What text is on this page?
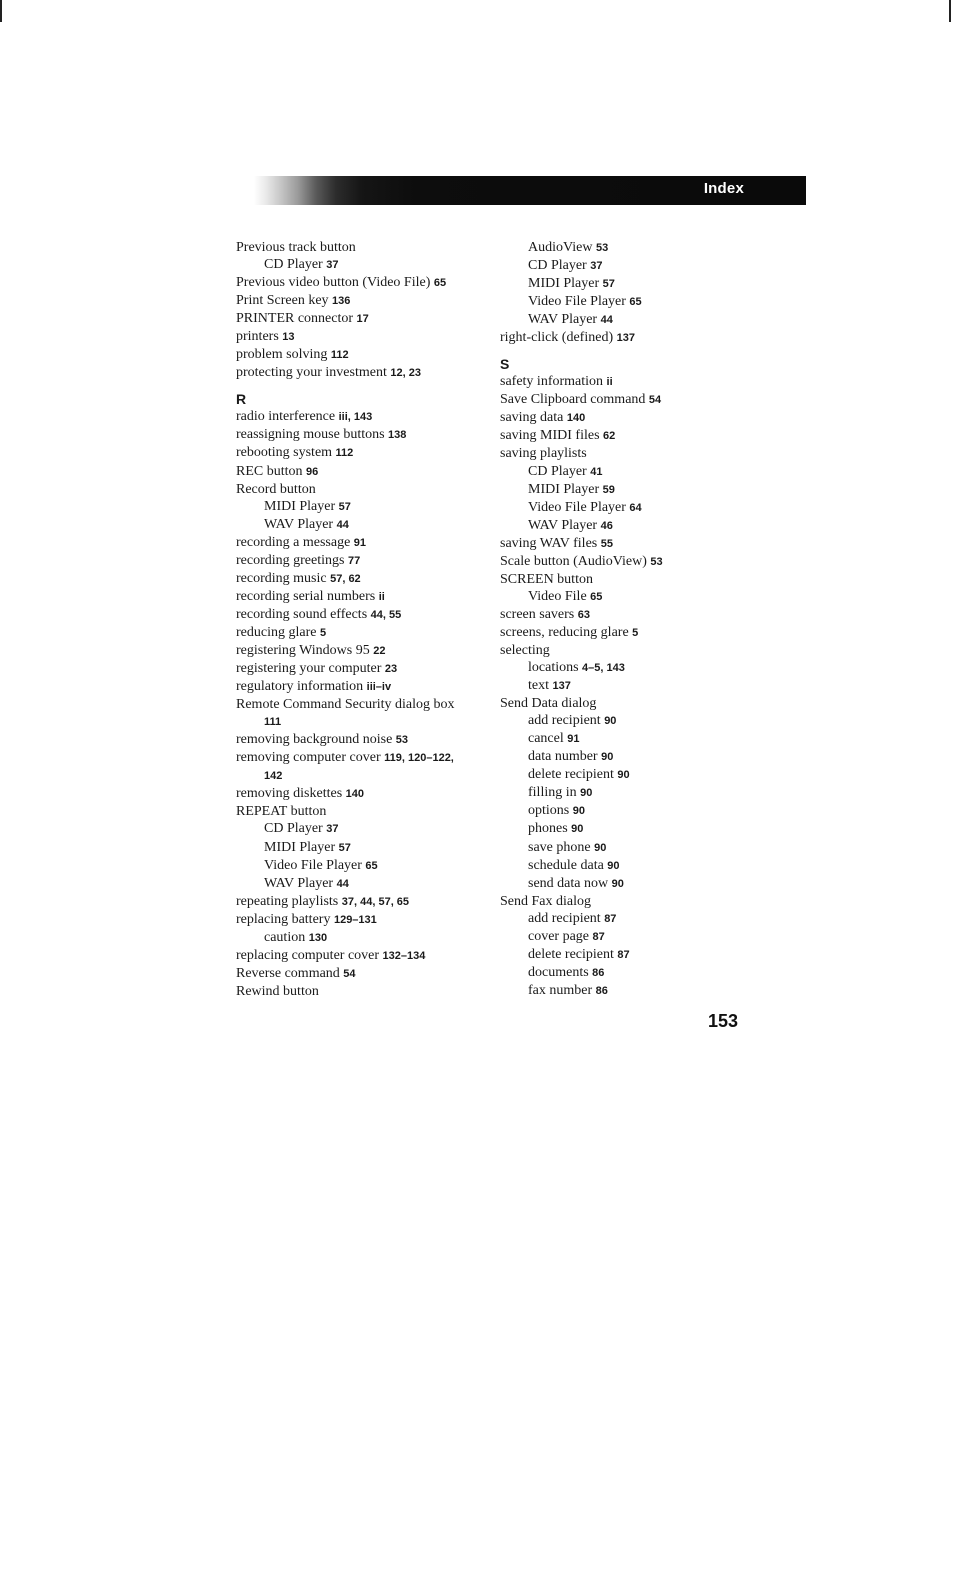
Index
Previous track button
CD Player 37
Previous video button (Video File) 65
Print Screen key 136
PRINTER connector 17
printers 13
problem solving 112
protecting your investment 12, 23
R
radio interference iii, 143
reassigning mouse buttons 138
rebooting system 112
REC button 96
Record button
MIDI Player 57
WAV Player 44
recording a message 91
recording greetings 77
recording music 57, 62
recording serial numbers ii
recording sound effects 44, 55
reducing glare 5
registering Windows 95 22
registering your computer 23
regulatory information iii–iv
Remote Command Security dialog box
111
removing background noise 53
removing computer cover 119, 120–122,
142
removing diskettes 140
REPEAT button
CD Player 37
MIDI Player 57
Video File Player 65
WAV Player 44
repeating playlists 37, 44, 57, 65
replacing battery 129–131
caution 130
replacing computer cover 132–134
Reverse command 54
Rewind button
AudioView 53
CD Player 37
MIDI Player 57
Video File Player 65
WAV Player 44
right-click (defined) 137
S
safety information ii
Save Clipboard command 54
saving data 140
saving MIDI files 62
saving playlists
CD Player 41
MIDI Player 59
Video File Player 64
WAV Player 46
saving WAV files 55
Scale button (AudioView) 53
SCREEN button
Video File 65
screen savers 63
screens, reducing glare 5
selecting
locations 4–5, 143
text 137
Send Data dialog
add recipient 90
cancel 91
data number 90
delete recipient 90
filling in 90
options 90
phones 90
save phone 90
schedule data 90
send data now 90
Send Fax dialog
add recipient 87
cover page 87
delete recipient 87
documents 86
fax number 86
153
